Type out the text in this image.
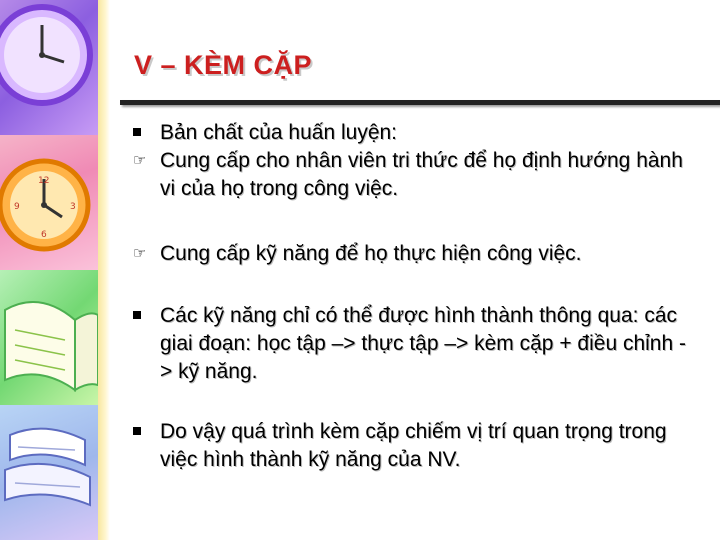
12
3
6
9
V – KÈM CẶP
Bản chất của huấn luyện:
☞ Cung cấp cho nhân viên tri thức để họ định hướng hành vi của họ trong công việc.
☞ Cung cấp kỹ năng để họ thực hiện công việc.
Các kỹ năng chỉ có thể được hình thành thông qua: các giai đoạn: học tập –> thực tập –> kèm cặp + điều chỉnh - > kỹ năng.
Do vậy quá trình kèm cặp chiếm vị trí quan trọng trong việc hình thành kỹ năng của NV.
